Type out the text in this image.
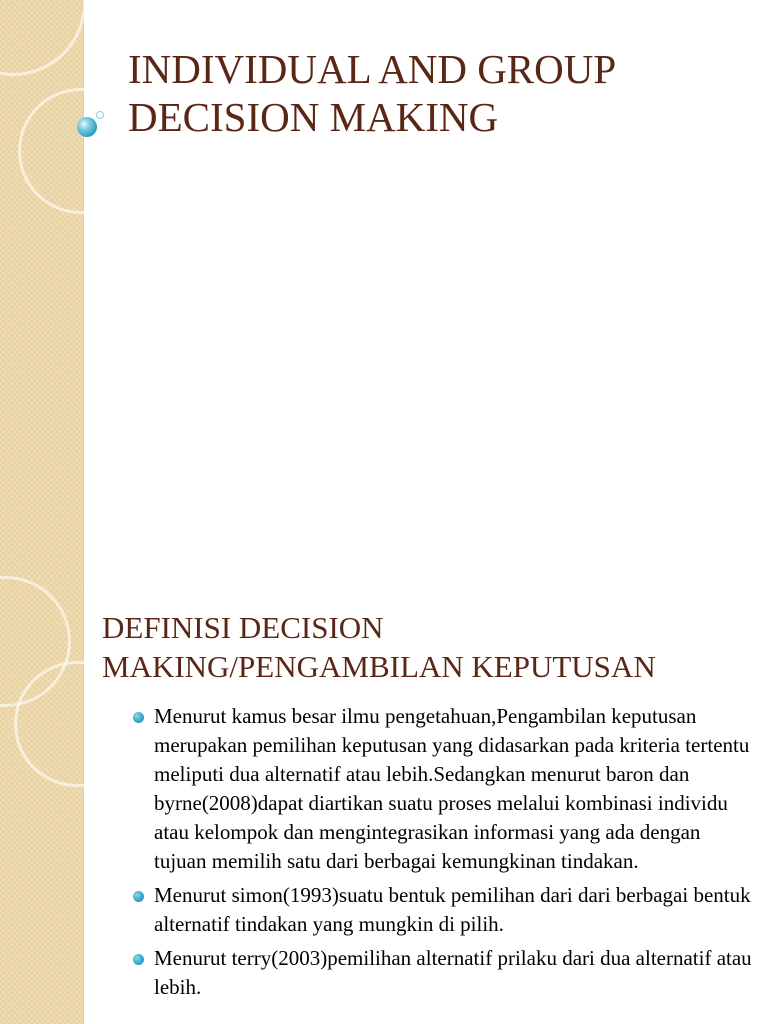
INDIVIDUAL AND GROUP
DECISION MAKING
DEFINISI DECISION
MAKING/PENGAMBILAN KEPUTUSAN
Menurut kamus besar ilmu pengetahuan,Pengambilan keputusan merupakan pemilihan keputusan yang didasarkan pada kriteria tertentu meliputi dua alternatif atau lebih.Sedangkan menurut baron dan byrne(2008)dapat diartikan suatu proses melalui kombinasi individu atau kelompok dan mengintegrasikan informasi yang ada dengan tujuan memilih satu dari berbagai kemungkinan tindakan.
Menurut simon(1993)suatu bentuk pemilihan dari dari berbagai bentuk alternatif tindakan yang mungkin di pilih.
Menurut terry(2003)pemilihan alternatif prilaku dari dua alternatif atau lebih.
